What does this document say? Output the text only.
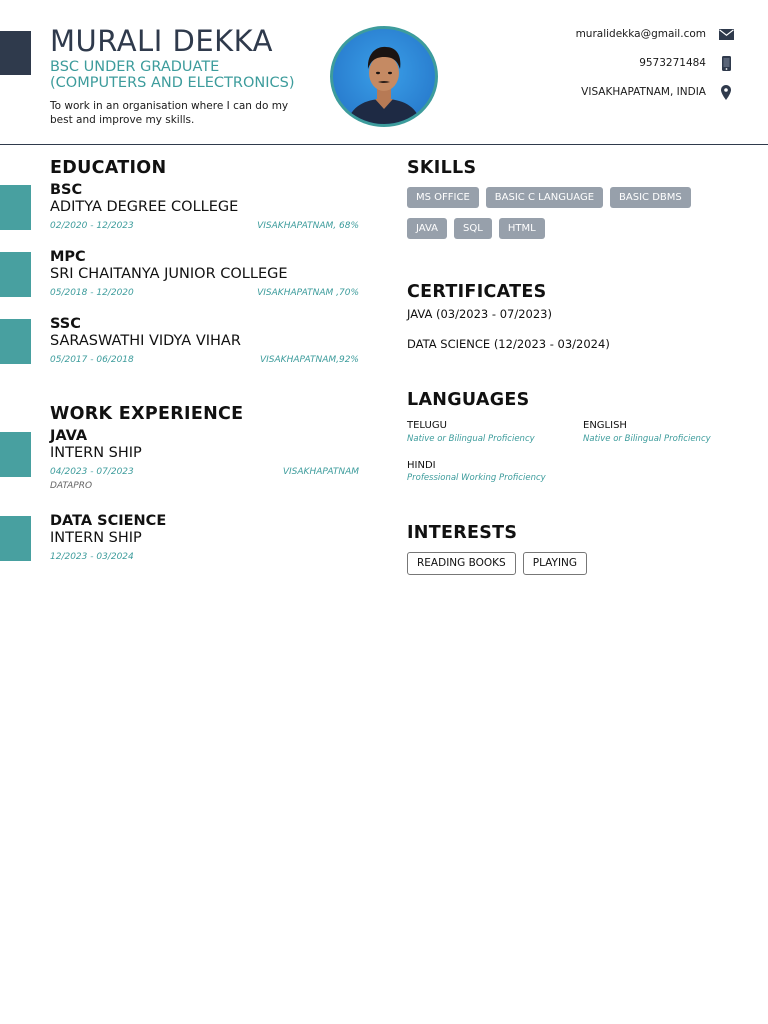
MURALI DEKKA
BSC UNDER GRADUATE
(COMPUTERS AND ELECTRONICS)
To work in an organisation where I can do my best and improve my skills.
muralidekka@gmail.com
9573271484
VISAKHAPATNAM, INDIA
EDUCATION
BSC
ADITYA DEGREE COLLEGE
02/2020 - 12/2023	VISAKHAPATNAM, 68%
MPC
SRI CHAITANYA JUNIOR COLLEGE
05/2018 - 12/2020	VISAKHAPATNAM ,70%
SSC
SARASWATHI VIDYA VIHAR
05/2017 - 06/2018	VISAKHAPATNAM,92%
WORK EXPERIENCE
JAVA
INTERN SHIP
04/2023 - 07/2023	VISAKHAPATNAM
DATAPRO
DATA SCIENCE
INTERN SHIP
12/2023 - 03/2024
SKILLS
MS OFFICE	BASIC C LANGUAGE	BASIC DBMS
JAVA	SQL	HTML
CERTIFICATES
JAVA (03/2023 - 07/2023)
DATA SCIENCE (12/2023 - 03/2024)
LANGUAGES
TELUGU
Native or Bilingual Proficiency
ENGLISH
Native or Bilingual Proficiency
HINDI
Professional Working Proficiency
INTERESTS
READING BOOKS	PLAYING
